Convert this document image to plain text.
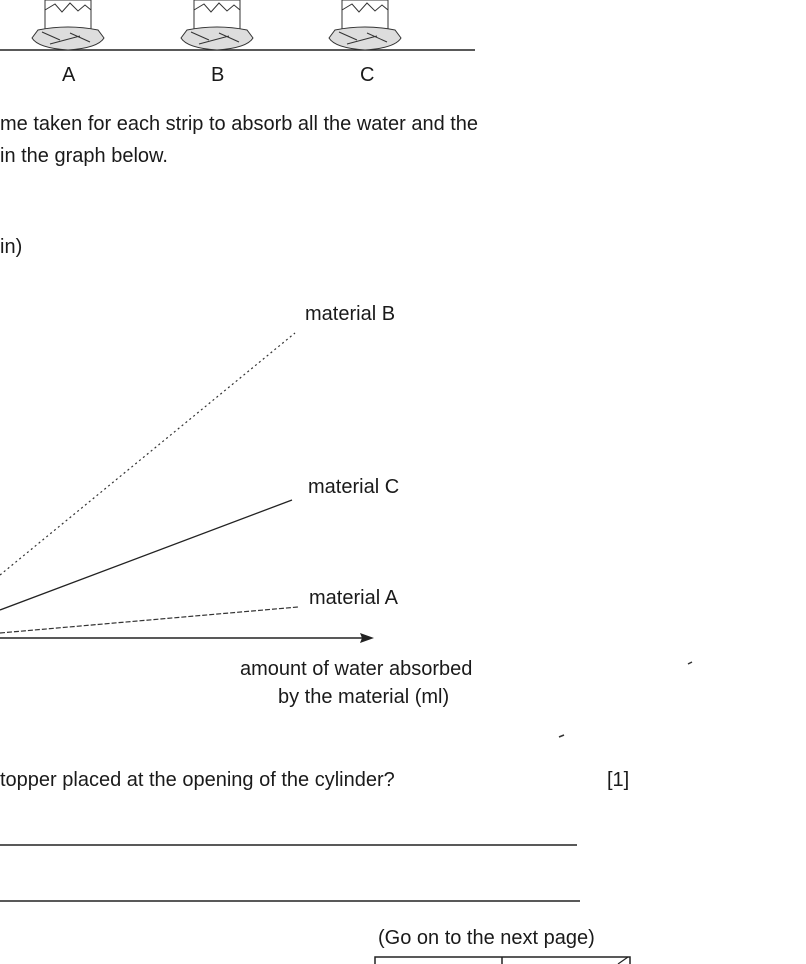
A	B	C
me taken for each strip to absorb all the water and the
in the graph below.
in)
material B
material C
material A
amount of water absorbed
by the material (ml)
topper placed at the opening of the cylinder?	[1]
(Go on to the next page)
